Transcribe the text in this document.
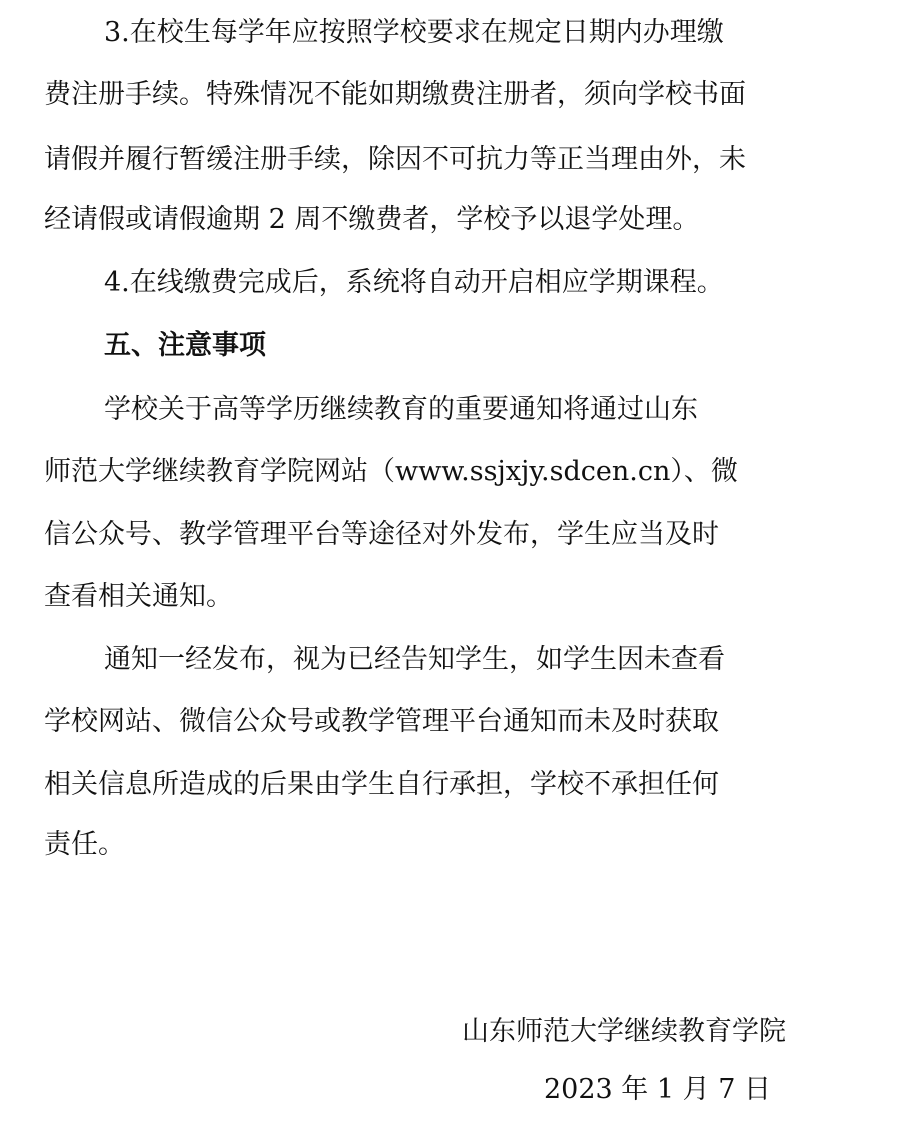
3.在校生每学年应按照学校要求在规定日期内办理缴
费注册手续。特殊情况不能如期缴费注册者，须向学校书面
请假并履行暂缓注册手续，除因不可抗力等正当理由外，未
经请假或请假逾期 2 周不缴费者，学校予以退学处理。
4.在线缴费完成后，系统将自动开启相应学期课程。
五、注意事项
学校关于高等学历继续教育的重要通知将通过山东
师范大学继续教育学院网站（www.ssjxjy.sdcen.cn）、微
信公众号、教学管理平台等途径对外发布，学生应当及时
查看相关通知。
通知一经发布，视为已经告知学生，如学生因未查看
学校网站、微信公众号或教学管理平台通知而未及时获取
相关信息所造成的后果由学生自行承担，学校不承担任何
责任。
山东师范大学继续教育学院
2023 年 1 月 7 日
